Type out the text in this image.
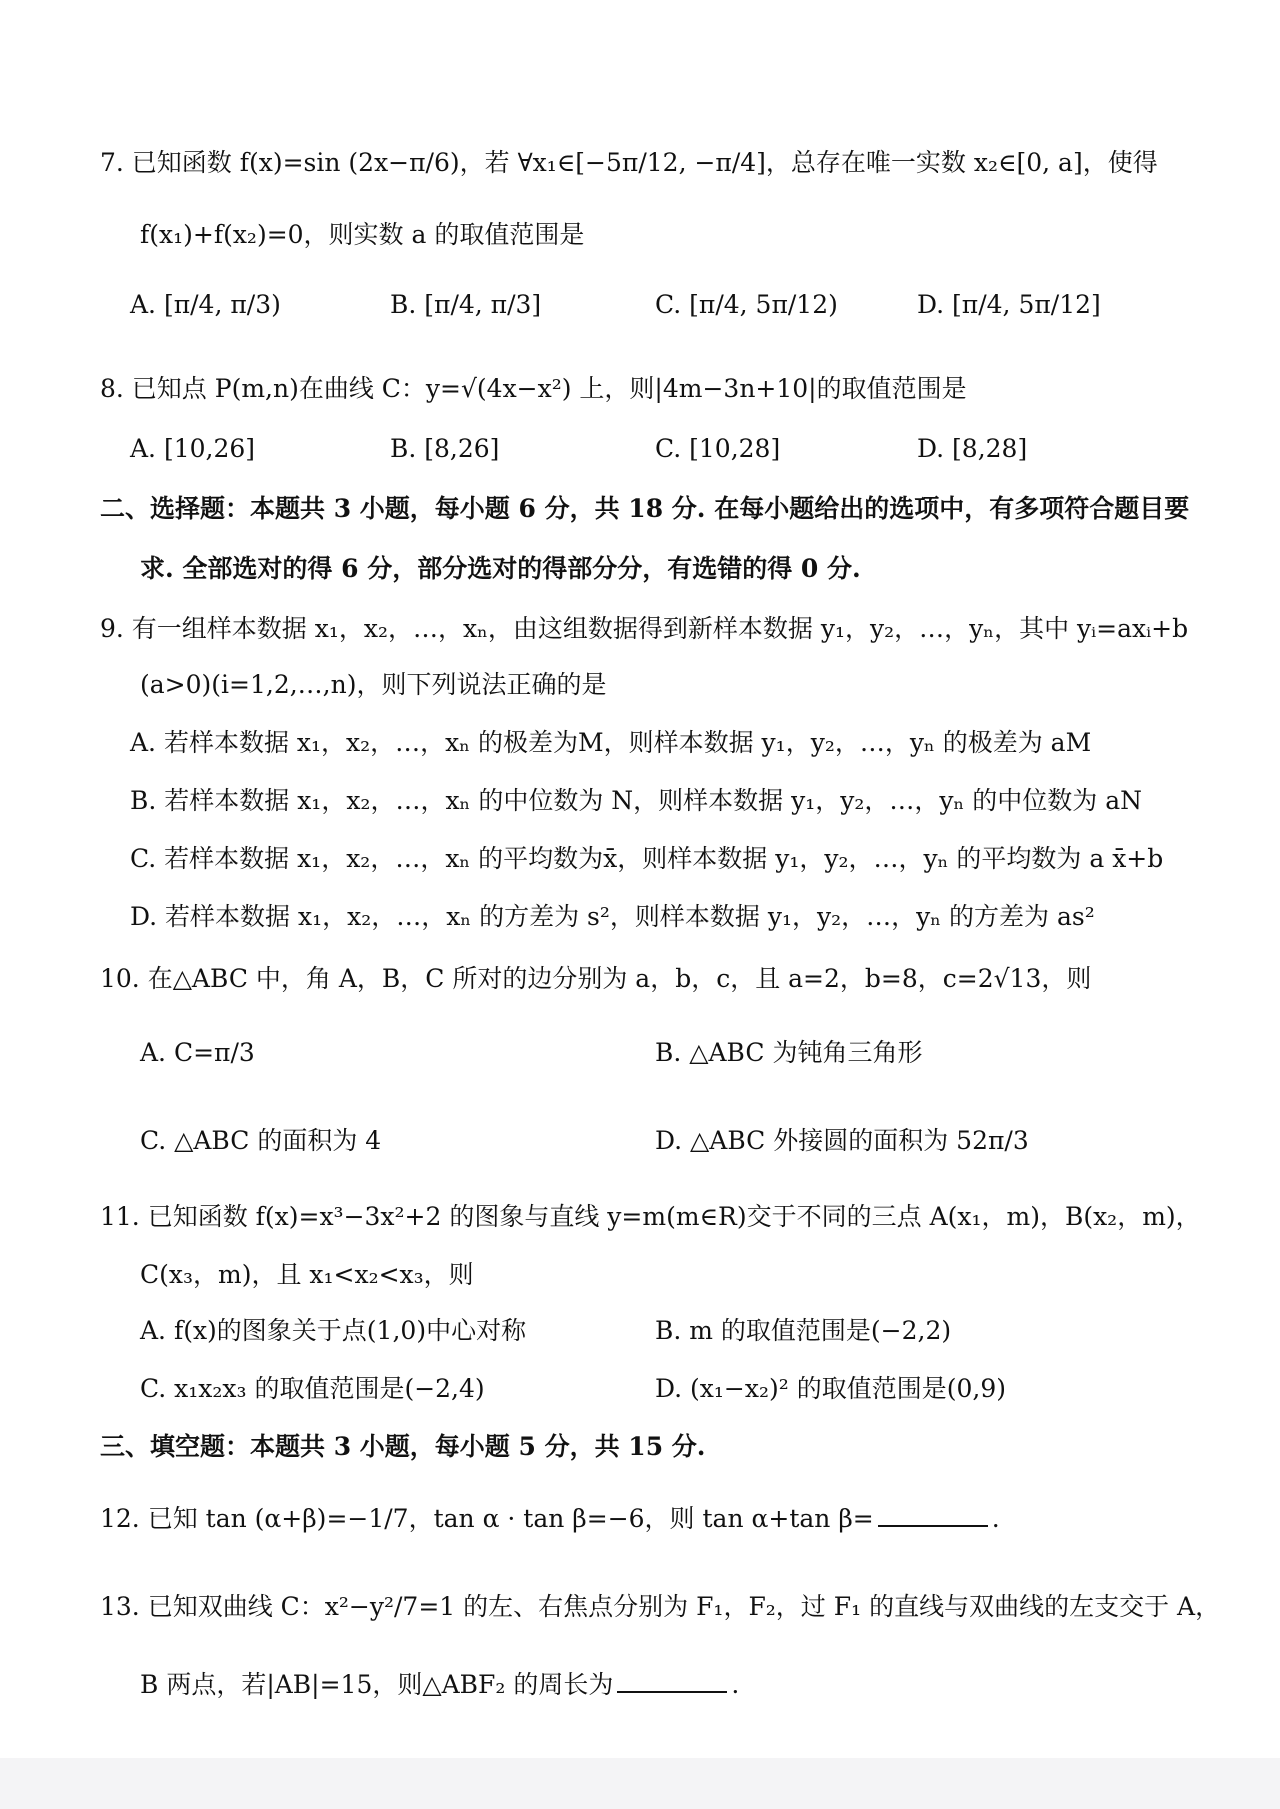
7. 已知函数 f(x)=sin (2x−π/6)，若 ∀x₁∈[−5π/12, −π/4]，总存在唯一实数 x₂∈[0, a]，使得
f(x₁)+f(x₂)=0，则实数 a 的取值范围是
A. [π/4, π/3)	B. [π/4, π/3]	C. [π/4, 5π/12)	D. [π/4, 5π/12]
8. 已知点 P(m,n)在曲线 C：y=√(4x−x²) 上，则|4m−3n+10|的取值范围是
A. [10,26]	B. [8,26]	C. [10,28]	D. [8,28]
二、选择题：本题共 3 小题，每小题 6 分，共 18 分. 在每小题给出的选项中，有多项符合题目要
求. 全部选对的得 6 分，部分选对的得部分分，有选错的得 0 分.
9. 有一组样本数据 x₁，x₂，…，xₙ，由这组数据得到新样本数据 y₁，y₂，…，yₙ，其中 yᵢ=axᵢ+b
(a>0)(i=1,2,…,n)，则下列说法正确的是
A. 若样本数据 x₁，x₂，…，xₙ 的极差为M，则样本数据 y₁，y₂，…，yₙ 的极差为 aM
B. 若样本数据 x₁，x₂，…，xₙ 的中位数为 N，则样本数据 y₁，y₂，…，yₙ 的中位数为 aN
C. 若样本数据 x₁，x₂，…，xₙ 的平均数为x̄，则样本数据 y₁，y₂，…，yₙ 的平均数为 a x̄+b
D. 若样本数据 x₁，x₂，…，xₙ 的方差为 s²，则样本数据 y₁，y₂，…，yₙ 的方差为 as²
10. 在△ABC 中，角 A，B，C 所对的边分别为 a，b，c，且 a=2，b=8，c=2√13，则
A. C=π/3	B. △ABC 为钝角三角形
C. △ABC 的面积为 4	D. △ABC 外接圆的面积为 52π/3
11. 已知函数 f(x)=x³−3x²+2 的图象与直线 y=m(m∈R)交于不同的三点 A(x₁，m)，B(x₂，m)，
C(x₃，m)，且 x₁<x₂<x₃，则
A. f(x)的图象关于点(1,0)中心对称	B. m 的取值范围是(−2,2)
C. x₁x₂x₃ 的取值范围是(−2,4)	D. (x₁−x₂)² 的取值范围是(0,9)
三、填空题：本题共 3 小题，每小题 5 分，共 15 分.
12. 已知 tan (α+β)=−1/7，tan α · tan β=−6，则 tan α+tan β=	.
13. 已知双曲线 C：x²−y²/7=1 的左、右焦点分别为 F₁，F₂，过 F₁ 的直线与双曲线的左支交于 A，
B 两点，若|AB|=15，则△ABF₂ 的周长为	.
